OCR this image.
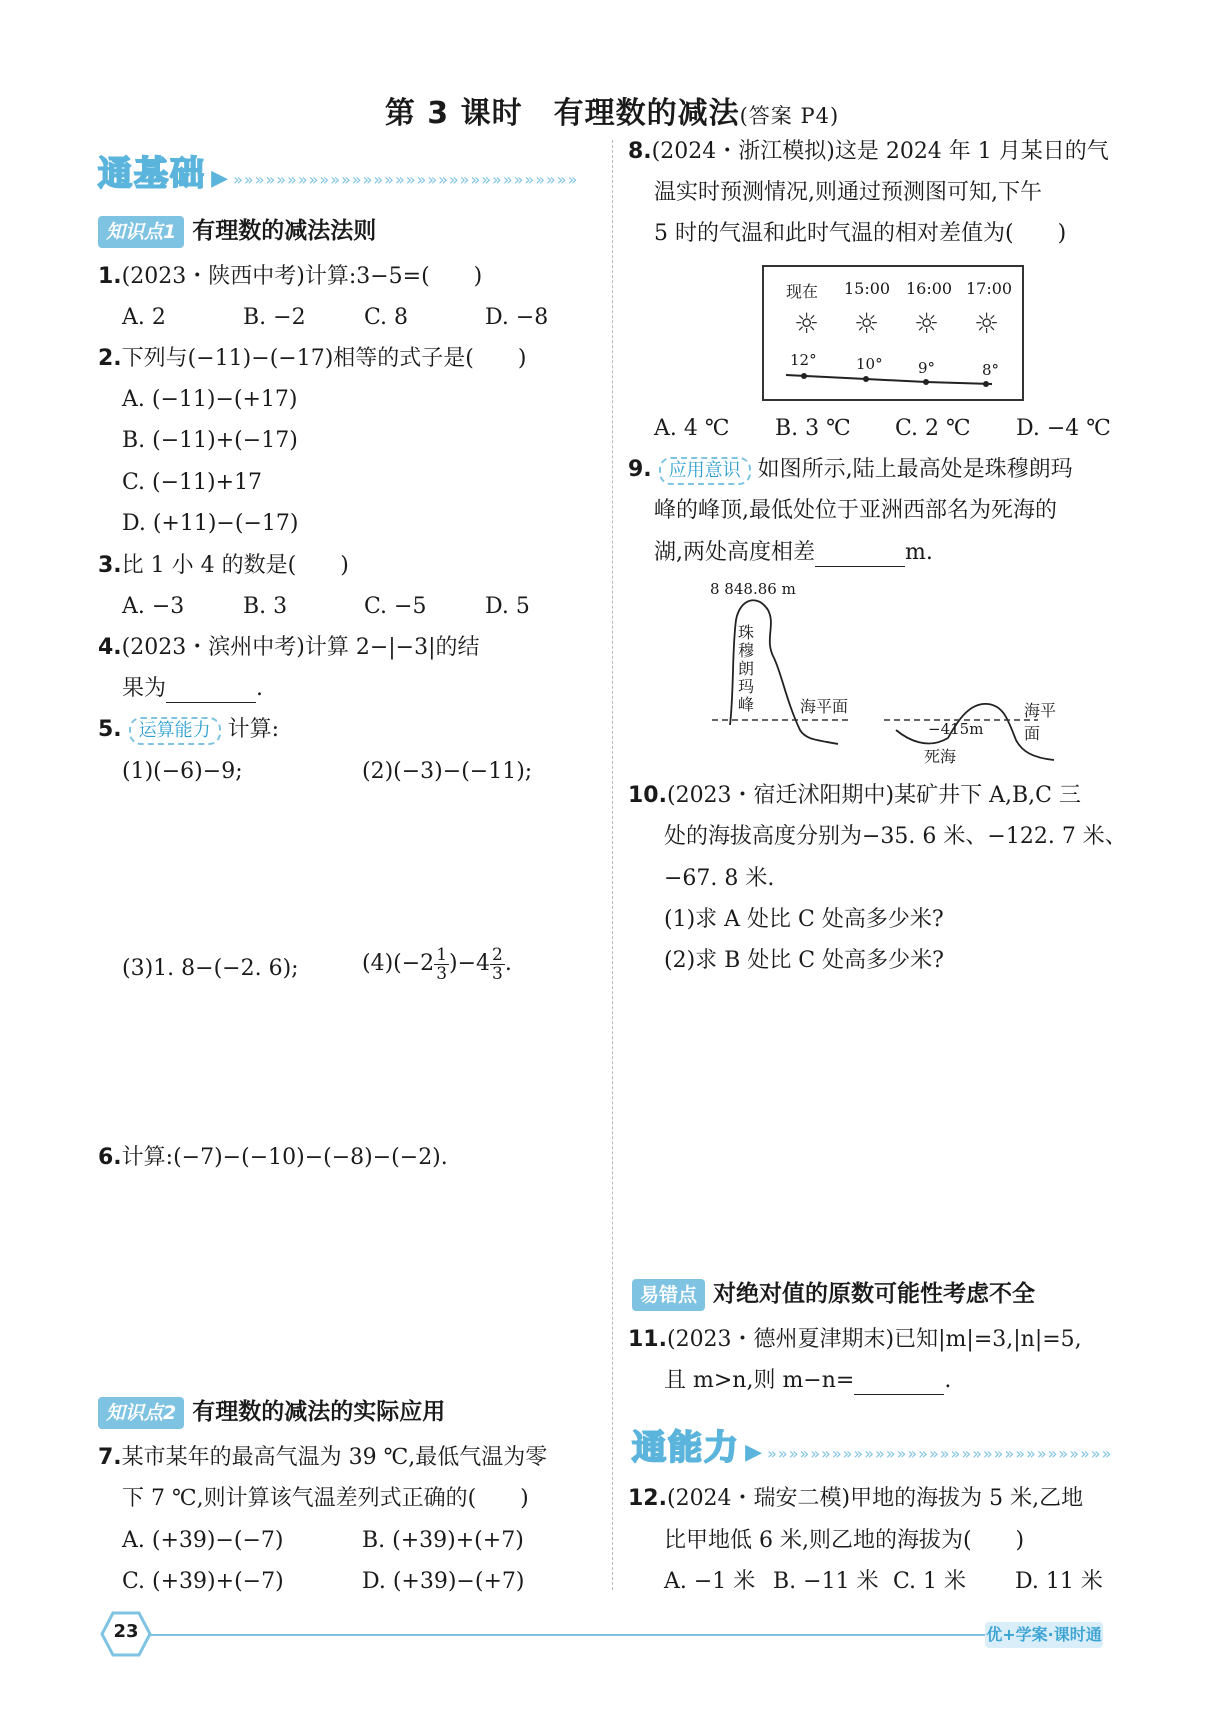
第 3 课时　有理数的减法(答案 P4)
通基础 ▶ »»»»»»»»»»»»»»»»»»»»»»»»»»»»»»»»
知识点1 有理数的减法法则
1.(2023・陕西中考)计算:3−5=(　　)
A. 2	B. −2	C. 8	D. −8
2.下列与(−11)−(−17)相等的式子是(　　)
A. (−11)−(+17)
B. (−11)+(−17)
C. (−11)+17
D. (+11)−(−17)
3.比 1 小 4 的数是(　　)
A. −3	B. 3	C. −5	D. 5
4.(2023・滨州中考)计算 2−|−3|的结
果为	.
5. 运算能力 计算:
(1)(−6)−9;	(2)(−3)−(−11);
(3)1. 8−(−2. 6);	$(4)(-2 \frac{1}{3} )-4 \frac{2}{3}$ .
6.计算:(−7)−(−10)−(−8)−(−2).
知识点2 有理数的减法的实际应用
7.某市某年的最高气温为 39 ℃,最低气温为零
下 7 ℃,则计算该气温差列式正确的(　　)
A. (+39)−(−7)	B. (+39)+(+7)
C. (+39)+(−7)	D. (+39)−(+7)
8.(2024・浙江模拟)这是 2024 年 1 月某日的气
温实时预测情况,则通过预测图可知,下午
5 时的气温和此时气温的相对差值为(　　)
现在 15:00 16:00 17:00
☼ ☼ ☼ ☼
12°	10° 9°	8°
A. 4 ℃ B. 3 ℃ C. 2 ℃ D. −4 ℃
9. 应用意识 如图所示,陆上最高处是珠穆朗玛
峰的峰顶,最低处位于亚洲西部名为死海的
湖,两处高度相差	m.
8 848.86 m
珠穆朗玛峰	海平面
−415m
海平面
死海
10.(2023・宿迁沭阳期中)某矿井下 A,B,C 三
处的海拔高度分别为−35. 6 米、−122. 7 米、
−67. 8 米.
(1)求 A 处比 C 处高多少米?
(2)求 B 处比 C 处高多少米?
易错点 对绝对值的原数可能性考虑不全
11.(2023・德州夏津期末)已知|m|=3,|n|=5,
且 m>n,则 m−n=	.
通能力 ▶ »»»»»»»»»»»»»»»»»»»»»»»»»»»»»»»»
12.(2024・瑞安二模)甲地的海拔为 5 米,乙地
比甲地低 6 米,则乙地的海拔为(　　)
A. −1 米 B. −11 米 C. 1 米 D. 11 米
23	优+学案·课时通
